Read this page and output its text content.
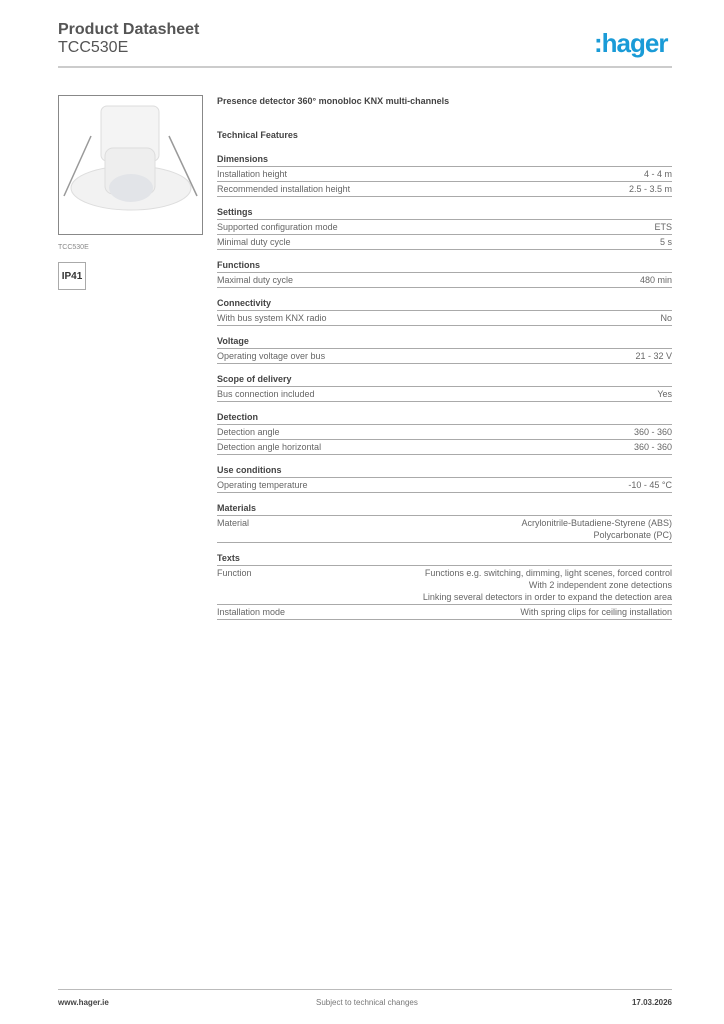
Product Datasheet
TCC530E	:hager
TCC530E
IP41
Presence detector 360° monobloc KNX multi-channels
Technical Features
Dimensions
Installation height	4 - 4 m
Recommended installation height	2.5 - 3.5 m
Settings
Supported configuration mode	ETS
Minimal duty cycle	5 s
Functions
Maximal duty cycle	480 min
Connectivity
With bus system KNX radio	No
Voltage
Operating voltage over bus	21 - 32 V
Scope of delivery
Bus connection included	Yes
Detection
Detection angle	360 - 360
Detection angle horizontal	360 - 360
Use conditions
Operating temperature	-10 - 45 °C
Materials
Material	Acrylonitrile-Butadiene-Styrene (ABS)
Polycarbonate (PC)
Texts
Function	Functions e.g. switching, dimming, light scenes, forced control
With 2 independent zone detections
Linking several detectors in order to expand the detection area
Installation mode	With spring clips for ceiling installation
www.hager.ie	Subject to technical changes	17.03.2026
